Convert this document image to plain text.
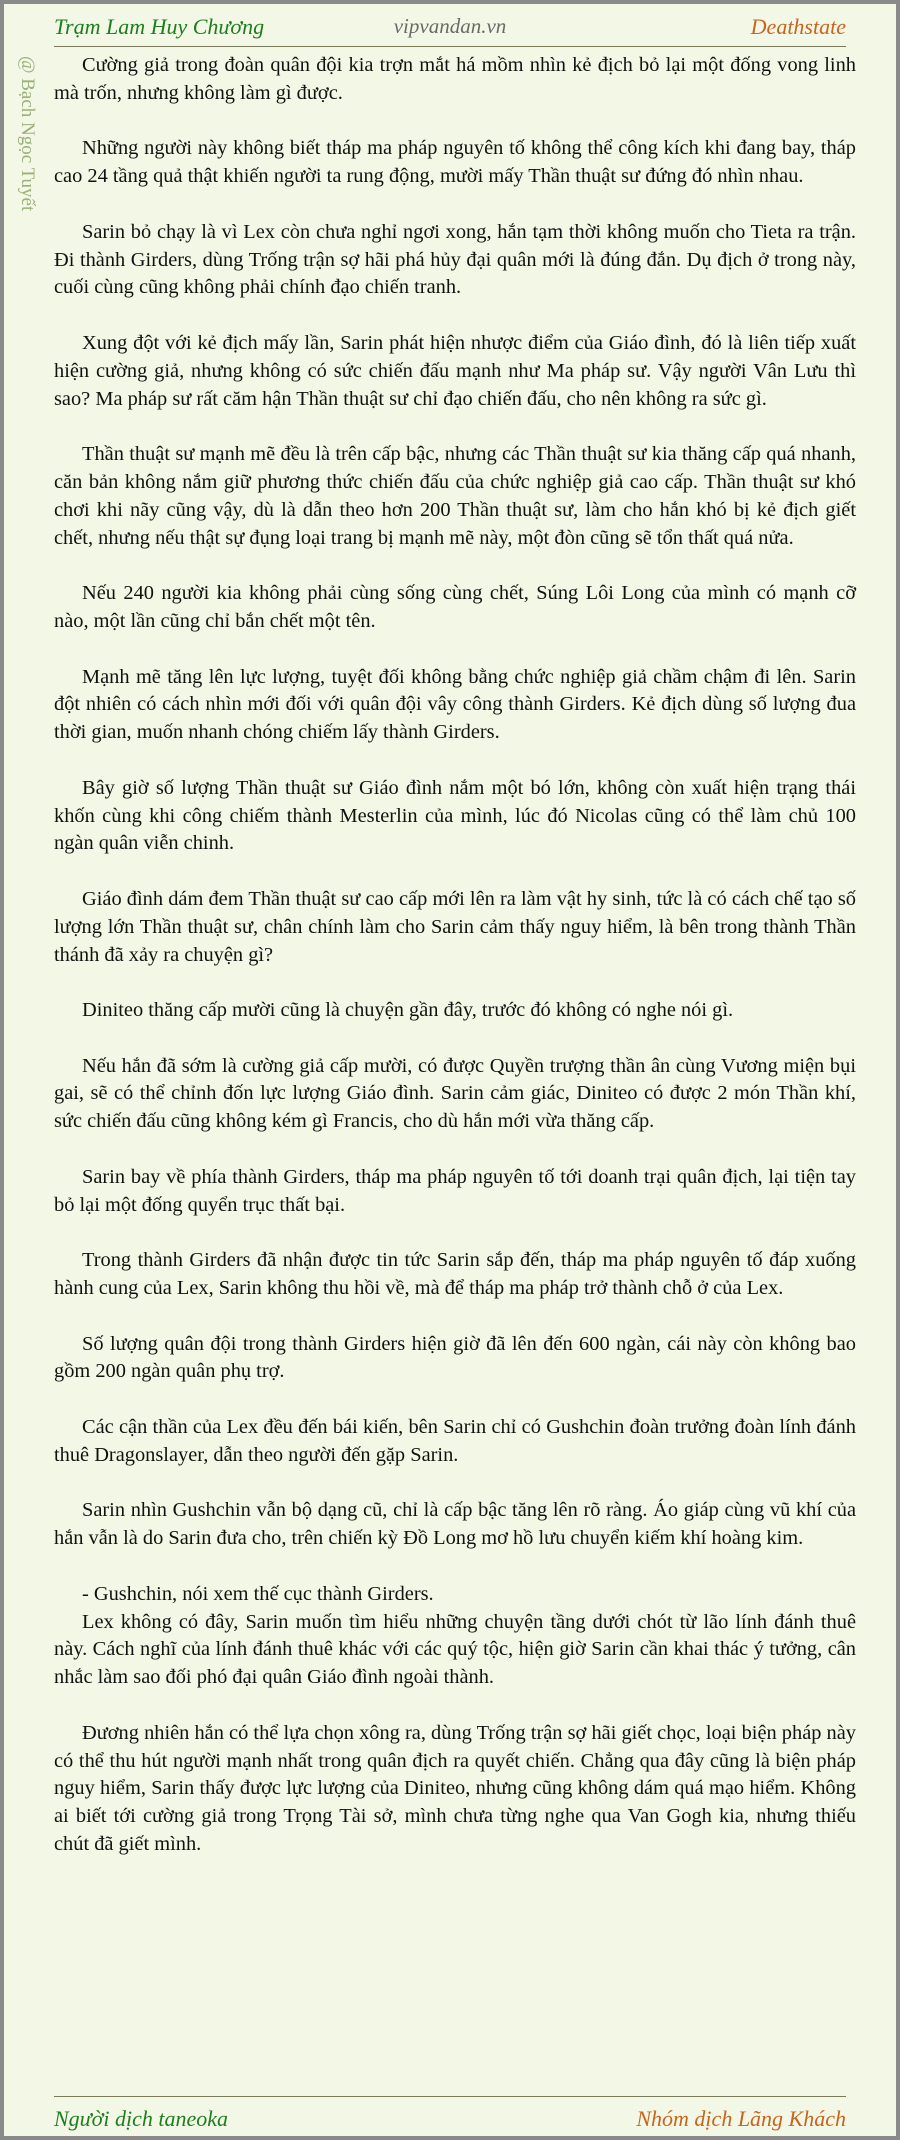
Trạm Lam Huy Chương	vipvandan.vn	Deathstate
@ Bạch Ngọc Tuyết	Cường giả trong đoàn quân đội kia trợn mắt há mồm nhìn kẻ địch bỏ lại một đống vong linh mà trốn, nhưng không làm gì được.

Những người này không biết tháp ma pháp nguyên tố không thể công kích khi đang bay, tháp cao 24 tầng quả thật khiến người ta rung động, mười mấy Thần thuật sư đứng đó nhìn nhau.

Sarin bỏ chạy là vì Lex còn chưa nghỉ ngơi xong, hắn tạm thời không muốn cho Tieta ra trận. Đi thành Girders, dùng Trống trận sợ hãi phá hủy đại quân mới là đúng đắn. Dụ địch ở trong này, cuối cùng cũng không phải chính đạo chiến tranh.

Xung đột với kẻ địch mấy lần, Sarin phát hiện nhược điểm của Giáo đình, đó là liên tiếp xuất hiện cường giả, nhưng không có sức chiến đấu mạnh như Ma pháp sư. Vậy người Vân Lưu thì sao? Ma pháp sư rất căm hận Thần thuật sư chỉ đạo chiến đấu, cho nên không ra sức gì.

Thần thuật sư mạnh mẽ đều là trên cấp bậc, nhưng các Thần thuật sư kia thăng cấp quá nhanh, căn bản không nắm giữ phương thức chiến đấu của chức nghiệp giả cao cấp. Thần thuật sư khó chơi khi nãy cũng vậy, dù là dẫn theo hơn 200 Thần thuật sư, làm cho hắn khó bị kẻ địch giết chết, nhưng nếu thật sự đụng loại trang bị mạnh mẽ này, một đòn cũng sẽ tổn thất quá nửa.

Nếu 240 người kia không phải cùng sống cùng chết, Súng Lôi Long của mình có mạnh cỡ nào, một lần cũng chỉ bắn chết một tên.

Mạnh mẽ tăng lên lực lượng, tuyệt đối không bằng chức nghiệp giả chầm chậm đi lên. Sarin đột nhiên có cách nhìn mới đối với quân đội vây công thành Girders. Kẻ địch dùng số lượng đua thời gian, muốn nhanh chóng chiếm lấy thành Girders.

Bây giờ số lượng Thần thuật sư Giáo đình nắm một bó lớn, không còn xuất hiện trạng thái khốn cùng khi công chiếm thành Mesterlin của mình, lúc đó Nicolas cũng có thể làm chủ 100 ngàn quân viễn chinh.

Giáo đình dám đem Thần thuật sư cao cấp mới lên ra làm vật hy sinh, tức là có cách chế tạo số lượng lớn Thần thuật sư, chân chính làm cho Sarin cảm thấy nguy hiểm, là bên trong thành Thần thánh đã xảy ra chuyện gì?

Diniteo thăng cấp mười cũng là chuyện gần đây, trước đó không có nghe nói gì.

Nếu hắn đã sớm là cường giả cấp mười, có được Quyền trượng thần ân cùng Vương miện bụi gai, sẽ có thể chỉnh đốn lực lượng Giáo đình. Sarin cảm giác, Diniteo có được 2 món Thần khí, sức chiến đấu cũng không kém gì Francis, cho dù hắn mới vừa thăng cấp.

Sarin bay về phía thành Girders, tháp ma pháp nguyên tố tới doanh trại quân địch, lại tiện tay bỏ lại một đống quyển trục thất bại.

Trong thành Girders đã nhận được tin tức Sarin sắp đến, tháp ma pháp nguyên tố đáp xuống hành cung của Lex, Sarin không thu hồi về, mà để tháp ma pháp trở thành chỗ ở của Lex.

Số lượng quân đội trong thành Girders hiện giờ đã lên đến 600 ngàn, cái này còn không bao gồm 200 ngàn quân phụ trợ.

Các cận thần của Lex đều đến bái kiến, bên Sarin chỉ có Gushchin đoàn trưởng đoàn lính đánh thuê Dragonslayer, dẫn theo người đến gặp Sarin.

Sarin nhìn Gushchin vẫn bộ dạng cũ, chỉ là cấp bậc tăng lên rõ ràng. Áo giáp cùng vũ khí của hắn vẫn là do Sarin đưa cho, trên chiến kỳ Đồ Long mơ hồ lưu chuyển kiếm khí hoàng kim.

- Gushchin, nói xem thế cục thành Girders.

Lex không có đây, Sarin muốn tìm hiểu những chuyện tầng dưới chót từ lão lính đánh thuê này. Cách nghĩ của lính đánh thuê khác với các quý tộc, hiện giờ Sarin cần khai thác ý tưởng, cân nhắc làm sao đối phó đại quân Giáo đình ngoài thành.

Đương nhiên hắn có thể lựa chọn xông ra, dùng Trống trận sợ hãi giết chọc, loại biện pháp này có thể thu hút người mạnh nhất trong quân địch ra quyết chiến. Chẳng qua đây cũng là biện pháp nguy hiểm, Sarin thấy được lực lượng của Diniteo, nhưng cũng không dám quá mạo hiểm. Không ai biết tới cường giả trong Trọng Tài sở, mình chưa từng nghe qua Van Gogh kia, nhưng thiếu chút đã giết mình.

Người dịch taneoka	Nhóm dịch Lãng Khách
